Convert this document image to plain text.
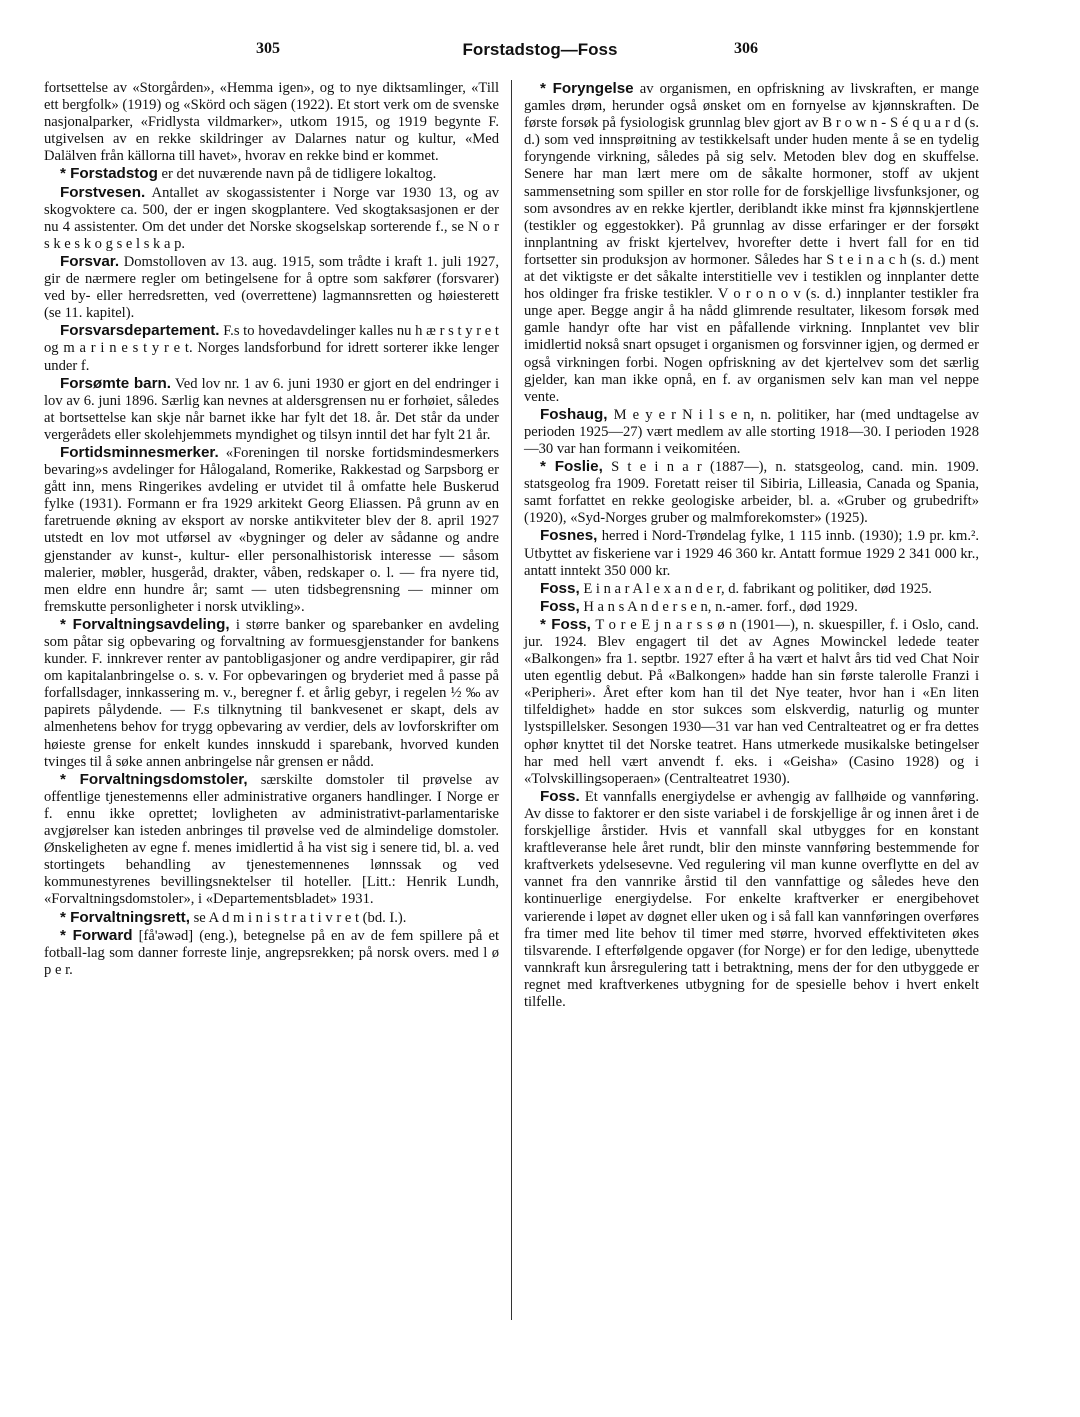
305	Forstadstog—Foss	306

fortsettelse av «Storgården», «Hemma igen», og to nye diktsamlinger, «Till ett bergfolk» (1919) og «Skörd och sägen (1922). Et stort verk om de svenske nasjonalparker, «Fridlysta vildmarker», utkom 1915, og 1919 begynte F. utgivelsen av en rekke skildringer av Dalarnes natur og kultur, «Med Dalälven från källorna till havet», hvorav en rekke bind er kommet.

* Forstadstog er det nuværende navn på de tidligere lokaltog.

Forstvesen. Antallet av skogassistenter i Norge var 1930 13, og av skogvoktere ca. 500, der er ingen skogplantere. Ved skogtaksasjonen er der nu 4 assistenter. Om det under det Norske skogselskap sorterende f., se N o r s k e s k o g s e l s k a p.

Forsvar. Domstolloven av 13. aug. 1915, som trådte i kraft 1. juli 1927, gir de nærmere regler om betingelsene for å optre som sakfører (forsvarer) ved by- eller herredsretten, ved (overrettene) lagmannsretten og høiesterett (se 11. kapitel).

Forsvarsdepartement. F.s to hovedavdelinger kalles nu h æ r s t y r e t og m a r i n e s t y r e t. Norges landsforbund for idrett sorterer ikke lenger under f.

Forsømte barn. Ved lov nr. 1 av 6. juni 1930 er gjort en del endringer i lov av 6. juni 1896. Særlig kan nevnes at aldersgrensen nu er forhøiet, således at bortsettelse kan skje når barnet ikke har fylt det 18. år. Det står da under vergerådets eller skolehjemmets myndighet og tilsyn inntil det har fylt 21 år.

Fortidsminnesmerker. «Foreningen til norske fortidsmindesmerkers bevaring»s avdelinger for Hålogaland, Romerike, Rakkestad og Sarpsborg er gått inn, mens Ringerikes avdeling er utvidet til å omfatte hele Buskerud fylke (1931). Formann er fra 1929 arkitekt Georg Eliassen. På grunn av en faretruende økning av eksport av norske antikviteter blev der 8. april 1927 utstedt en lov mot utførsel av «bygninger og deler av sådanne og andre gjenstander av kunst-, kultur- eller personalhistorisk interesse — såsom malerier, møbler, husgeråd, drakter, våben, redskaper o. l. — fra nyere tid, men eldre enn hundre år; samt — uten tidsbegrensning — minner om fremskutte personligheter i norsk utvikling».

* Forvaltningsavdeling, i større banker og sparebanker en avdeling som påtar sig opbevaring og forvaltning av formuesgjenstander for bankens kunder. F. innkrever renter av pantobligasjoner og andre verdipapirer, gir råd om kapitalanbringelse o. s. v. For opbevaringen og bryderiet med å passe på forfallsdager, innkassering m. v., beregner f. et årlig gebyr, i regelen ½ ‰ av papirets pålydende. — F.s tilknytning til bankvesenet er skapt, dels av almenhetens behov for trygg opbevaring av verdier, dels av lovforskrifter om høieste grense for enkelt kundes innskudd i sparebank, hvorved kunden tvinges til å søke annen anbringelse når grensen er nådd.

* Forvaltningsdomstoler, særskilte domstoler til prøvelse av offentlige tjenestemenns eller administrative organers handlinger. I Norge er f. ennu ikke oprettet; lovligheten av administrativt-parlamentariske avgjørelser kan isteden anbringes til prøvelse ved de almindelige domstoler. Ønskeligheten av egne f. menes imidlertid å ha vist sig i senere tid, bl. a. ved stortingets behandling av tjenestemennenes lønnssak og ved kommunestyrenes bevillingsnektelser til hoteller. [Litt.: Henrik Lundh, «Forvaltningsdomstoler», i «Departementsbladet» 1931.

* Forvaltningsrett, se A d m i n i s t r a t i v r e t (bd. I.).

* Forward [få'əwəd] (eng.), betegnelse på en av de fem spillere på et fotball-lag som danner forreste linje, angrepsrekken; på norsk overs. med l ø p e r.

* Foryngelse av organismen, en opfriskning av livskraften, er mange gamles drøm, herunder også ønsket om en fornyelse av kjønnskraften. De første forsøk på fysiologisk grunnlag blev gjort av B r o w n - S é q u a r d (s. d.) som ved innsprøitning av testikkelsaft under huden mente å se en tydelig foryngende virkning, således på sig selv. Metoden blev dog en skuffelse. Senere har man lært mere om de såkalte hormoner, stoff av ukjent sammensetning som spiller en stor rolle for de forskjellige livsfunksjoner, og som avsondres av en rekke kjertler, deriblandt ikke minst fra kjønnskjertlene (testikler og eggestokker). På grunnlag av disse erfaringer er der forsøkt innplantning av friskt kjertelvev, hvorefter dette i hvert fall for en tid fortsetter sin produksjon av hormoner. Således har S t e i n a c h (s. d.) ment at det viktigste er det såkalte interstitielle vev i testiklen og innplanter dette hos oldinger fra friske testikler. V o r o n o v (s. d.) innplanter testikler fra unge aper. Begge angir å ha nådd glimrende resultater, likesom forsøk med gamle handyr ofte har vist en påfallende virkning. Innplantet vev blir imidlertid nokså snart opsuget i organismen og forsvinner igjen, og dermed er også virkningen forbi. Nogen opfriskning av det kjertelvev som det særlig gjelder, kan man ikke opnå, en f. av organismen selv kan man vel neppe vente.

Foshaug, M e y e r N i l s e n, n. politiker, har (med undtagelse av perioden 1925—27) vært medlem av alle storting 1918—30. I perioden 1928—30 var han formann i veikomitéen.

* Foslie, S t e i n a r (1887—), n. statsgeolog, cand. min. 1909. statsgeolog fra 1909. Foretatt reiser til Sibiria, Lilleasia, Canada og Spania, samt forfattet en rekke geologiske arbeider, bl. a. «Gruber og grubedrift» (1920), «Syd-Norges gruber og malmforekomster» (1925).

Fosnes, herred i Nord-Trøndelag fylke, 1 115 innb. (1930); 1.9 pr. km.². Utbyttet av fiskeriene var i 1929 46 360 kr. Antatt formue 1929 2 341 000 kr., antatt inntekt 350 000 kr.

Foss, E i n a r A l e x a n d e r, d. fabrikant og politiker, død 1925.

Foss, H a n s A n d e r s e n, n.-amer. forf., død 1929.

* Foss, T o r e E j n a r s s ø n (1901—), n. skuespiller, f. i Oslo, cand. jur. 1924. Blev engagert til det av Agnes Mowinckel ledede teater «Balkongen» fra 1. septbr. 1927 efter å ha vært et halvt års tid ved Chat Noir uten egentlig debut. På «Balkongen» hadde han sin første talerolle Franzi i «Peripheri». Året efter kom han til det Nye teater, hvor han i «En liten tilfeldighet» hadde en stor sukces som elskverdig, naturlig og munter lystspillelsker. Sesongen 1930—31 var han ved Centralteatret og er fra dettes ophør knyttet til det Norske teatret. Hans utmerkede musikalske betingelser har med hell vært anvendt f. eks. i «Geisha» (Casino 1928) og i «Tolvskillingsoperaen» (Centralteatret 1930).

Foss. Et vannfalls energiydelse er avhengig av fallhøide og vannføring. Av disse to faktorer er den siste variabel i de forskjellige år og innen året i de forskjellige årstider. Hvis et vannfall skal utbygges for en konstant kraftleveranse hele året rundt, blir den minste vannføring bestemmende for kraftverkets ydelsesevne. Ved regulering vil man kunne overflytte en del av vannet fra den vannrike årstid til den vannfattige og således heve den kontinuerlige energiydelse. For enkelte kraftverker er energibehovet varierende i løpet av døgnet eller uken og i så fall kan vannføringen overføres fra timer med lite behov til timer med større, hvorved effektiviteten økes tilsvarende. I efterfølgende opgaver (for Norge) er for den ledige, ubenyttede vannkraft kun årsregulering tatt i betraktning, mens der for den utbyggede er regnet med kraftverkenes utbygning for de spesielle behov i hvert enkelt tilfelle.
